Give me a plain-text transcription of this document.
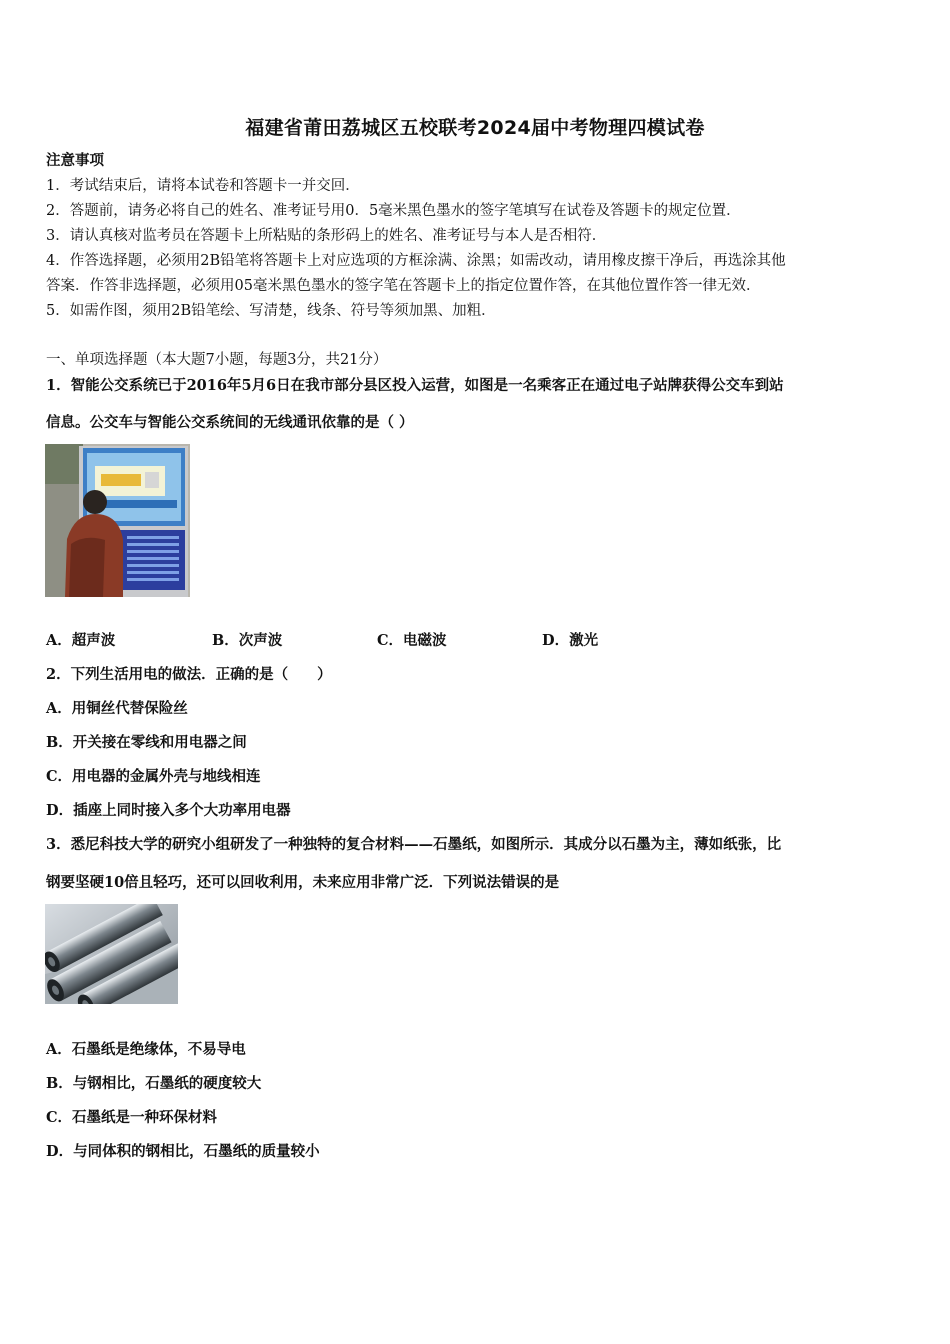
福建省莆田荔城区五校联考2024届中考物理四模试卷
注意事项
1．考试结束后，请将本试卷和答题卡一并交回．
2．答题前，请务必将自己的姓名、准考证号用0．5毫米黑色墨水的签字笔填写在试卷及答题卡的规定位置．
3．请认真核对监考员在答题卡上所粘贴的条形码上的姓名、准考证号与本人是否相符．
4．作答选择题，必须用2B铅笔将答题卡上对应选项的方框涂满、涂黑；如需改动，请用橡皮擦干净后，再选涂其他
答案．作答非选择题，必须用05毫米黑色墨水的签字笔在答题卡上的指定位置作答，在其他位置作答一律无效．
5．如需作图，须用2B铅笔绘、写清楚，线条、符号等须加黑、加粗．
一、单项选择题（本大题7小题，每题3分，共21分）
1．智能公交系统已于2016年5月6日在我市部分县区投入运营，如图是一名乘客正在通过电子站牌获得公交车到站
信息。公交车与智能公交系统间的无线通讯依靠的是（ ）
A．超声波	B．次声波	C．电磁波	D．激光
2．下列生活用电的做法．正确的是（　　）
A．用铜丝代替保险丝
B．开关接在零线和用电器之间
C．用电器的金属外壳与地线相连
D．插座上同时接入多个大功率用电器
3．悉尼科技大学的研究小组研发了一种独特的复合材料——石墨纸，如图所示．其成分以石墨为主，薄如纸张，比
钢要坚硬10倍且轻巧，还可以回收利用，未来应用非常广泛．下列说法错误的是
A．石墨纸是绝缘体，不易导电
B．与钢相比，石墨纸的硬度较大
C．石墨纸是一种环保材料
D．与同体积的钢相比，石墨纸的质量较小
